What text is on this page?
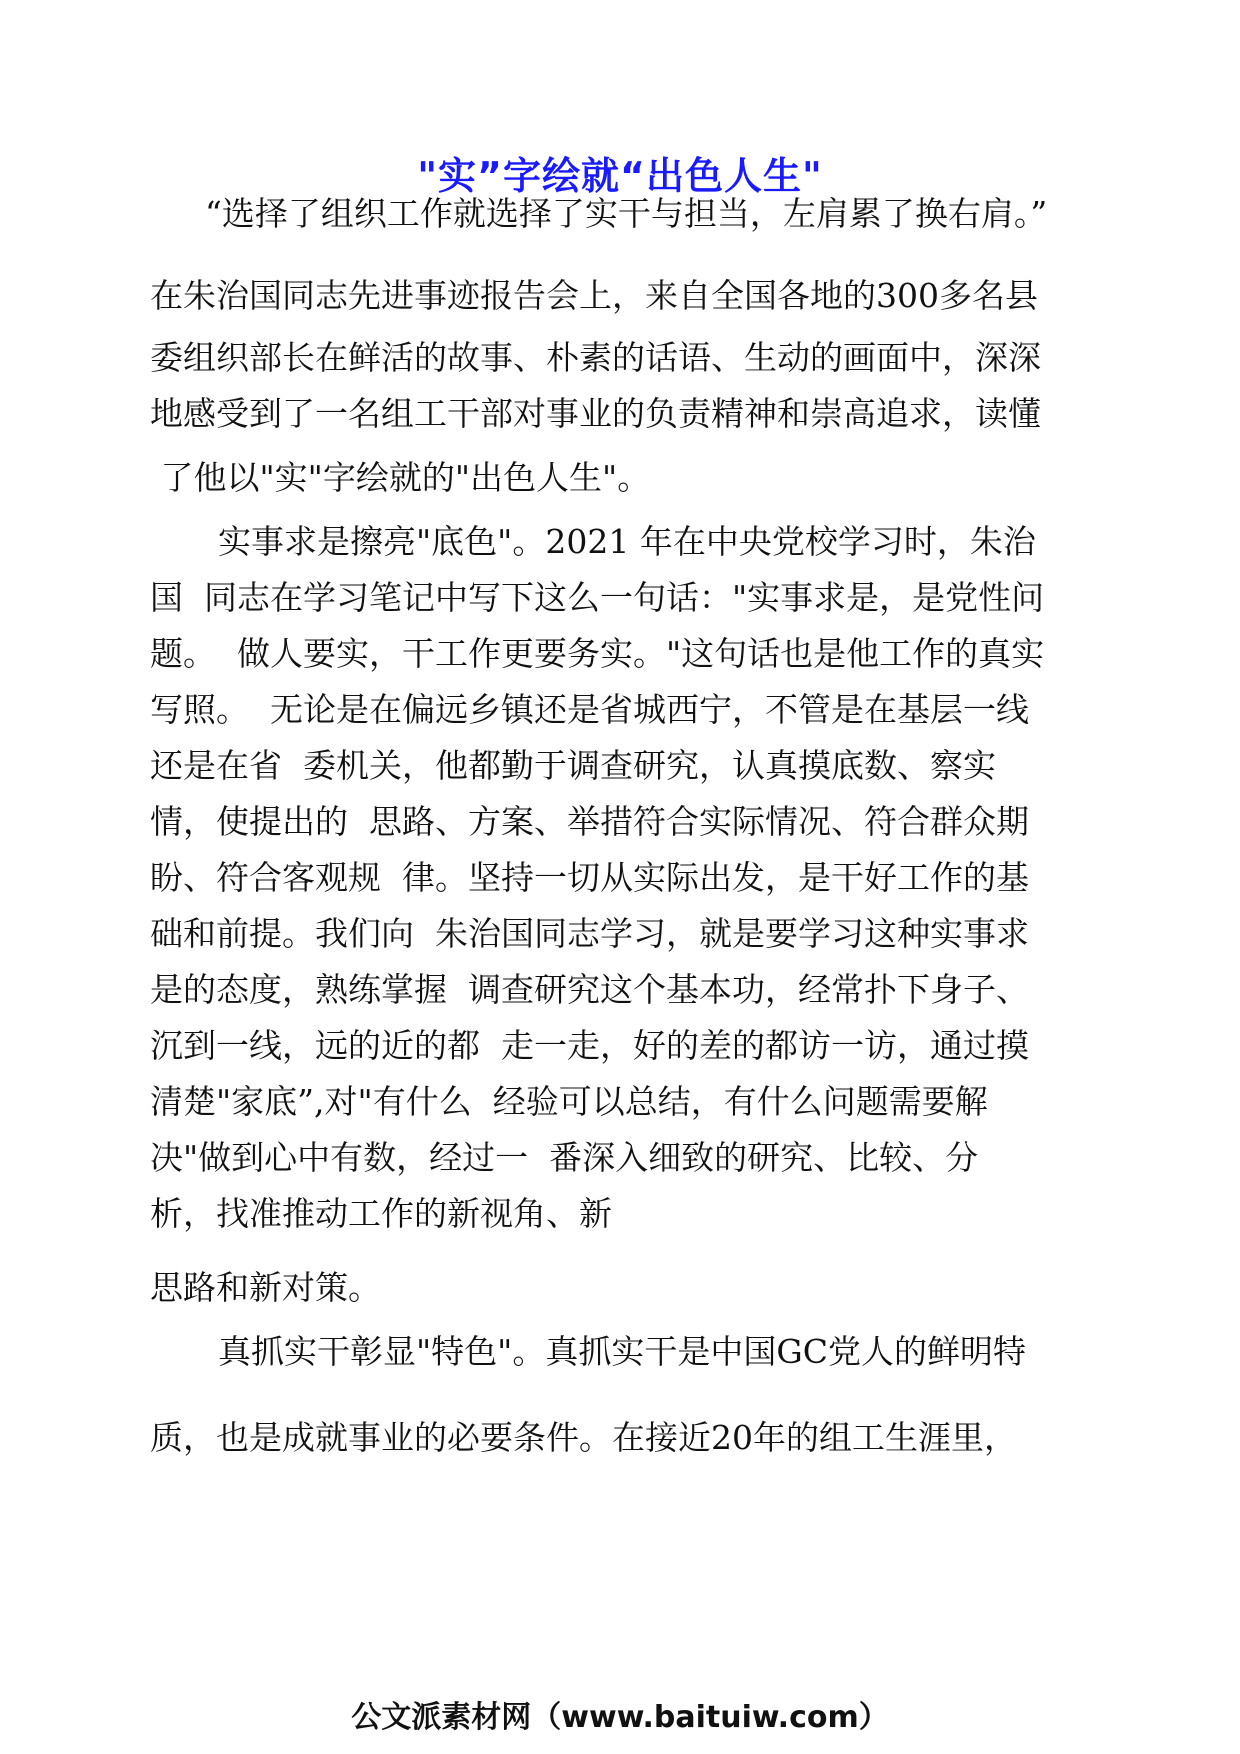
"实”字绘就“出色人生"
“选择了组织工作就选择了实干与担当，左肩累了换右肩。”
在朱治国同志先进事迹报告会上，来自全国各地的300多名县
委组织部长在鲜活的故事、朴素的话语、生动的画面中，深深
地感受到了一名组工干部对事业的负责精神和崇高追求，读懂
了他以"实"字绘就的"出色人生"。
实事求是擦亮"底色"。2021 年在中央党校学习时，朱治
国  同志在学习笔记中写下这么一句话："实事求是，是党性问
题。  做人要实，干工作更要务实。"这句话也是他工作的真实
写照。  无论是在偏远乡镇还是省城西宁，不管是在基层一线
还是在省  委机关，他都勤于调查研究，认真摸底数、察实
情，使提出的  思路、方案、举措符合实际情况、符合群众期
盼、符合客观规  律。坚持一切从实际出发，是干好工作的基
础和前提。我们向  朱治国同志学习，就是要学习这种实事求
是的态度，熟练掌握  调查研究这个基本功，经常扑下身子、
沉到一线，远的近的都  走一走，好的差的都访一访，通过摸
清楚"家底”,对"有什么  经验可以总结，有什么问题需要解
决"做到心中有数，经过一  番深入细致的研究、比较、分
析，找准推动工作的新视角、新
思路和新对策。
真抓实干彰显"特色"。真抓实干是中国GC党人的鲜明特
质，也是成就事业的必要条件。在接近20年的组工生涯里，
公文派素材网（www.baituiw.com）
